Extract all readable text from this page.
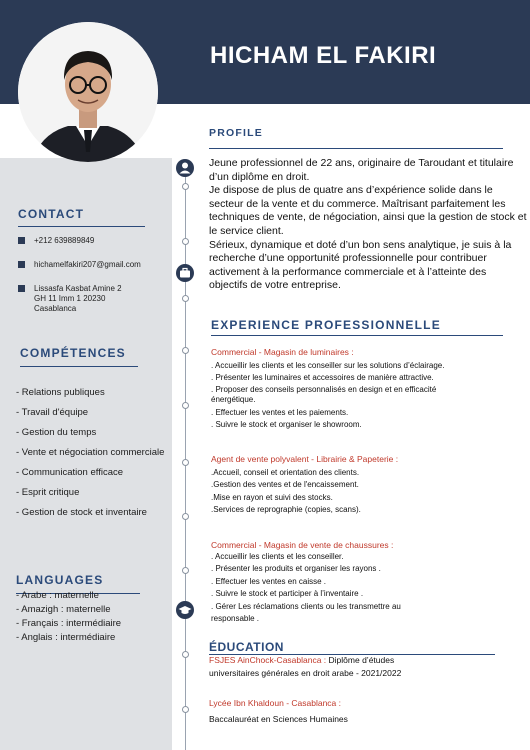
HICHAM EL FAKIRI
PROFILE

Jeune professionnel de 22 ans, originaire de Taroudant et titulaire d’un diplôme en droit.

Je dispose de plus de quatre ans d’expérience solide dans le secteur de la vente et du commerce. Maîtrisant parfaitement les techniques de vente, de négociation, ainsi que la gestion de stock et le service client.

Sérieux, dynamique et doté d’un bon sens analytique, je suis à la recherche d’une opportunité professionnelle pour contribuer activement à la performance commerciale et à l’atteinte des objectifs de votre entreprise.

CONTACT
+212 639889849
hichamelfakiri207@gmail.com
Lissasfa Kasbat Amine 2
GH 11 Imm 1 20230
Casablanca
COMPÉTENCES
- Relations publiques
- Travail d'équipe
- Gestion du temps
- Vente et négociation commerciale
- Communication efficace
- Esprit critique
- Gestion de stock et inventaire
LANGUAGES
- Arabe : maternelle
- Amazigh : maternelle
- Français : intermédiaire
- Anglais : intermédiaire
EXPERIENCE PROFESSIONNELLE
Commercial - Magasin de luminaires :
. Accueillir les clients et les conseiller sur les solutions d’éclairage.
. Présenter les luminaires et accessoires de manière attractive.
. Proposer des conseils personnalisés en design et en efficacité énergétique.
. Effectuer les ventes et les paiements.
. Suivre le stock et organiser le showroom.
Agent de vente polyvalent - Librairie & Papeterie :
.Accueil, conseil et orientation des clients.
.Gestion des ventes et de l'encaissement.
.Mise en rayon et suivi des stocks.
.Services de reprographie (copies, scans).
Commercial - Magasin de vente de chaussures :
. Accueillir les clients et les conseiller.
. Présenter les produits et organiser les rayons .
. Effectuer les ventes en caisse .
. Suivre le stock et participer à l’inventaire .
. Gérer Les réclamations clients ou les transmettre au responsable .
ÉDUCATION
FSJES AinChock-Casablanca : Diplôme d’études universitaires générales en droit arabe - 2021/2022
Lycée Ibn Khaldoun - Casablanca :
Baccalauréat en Sciences Humaines
